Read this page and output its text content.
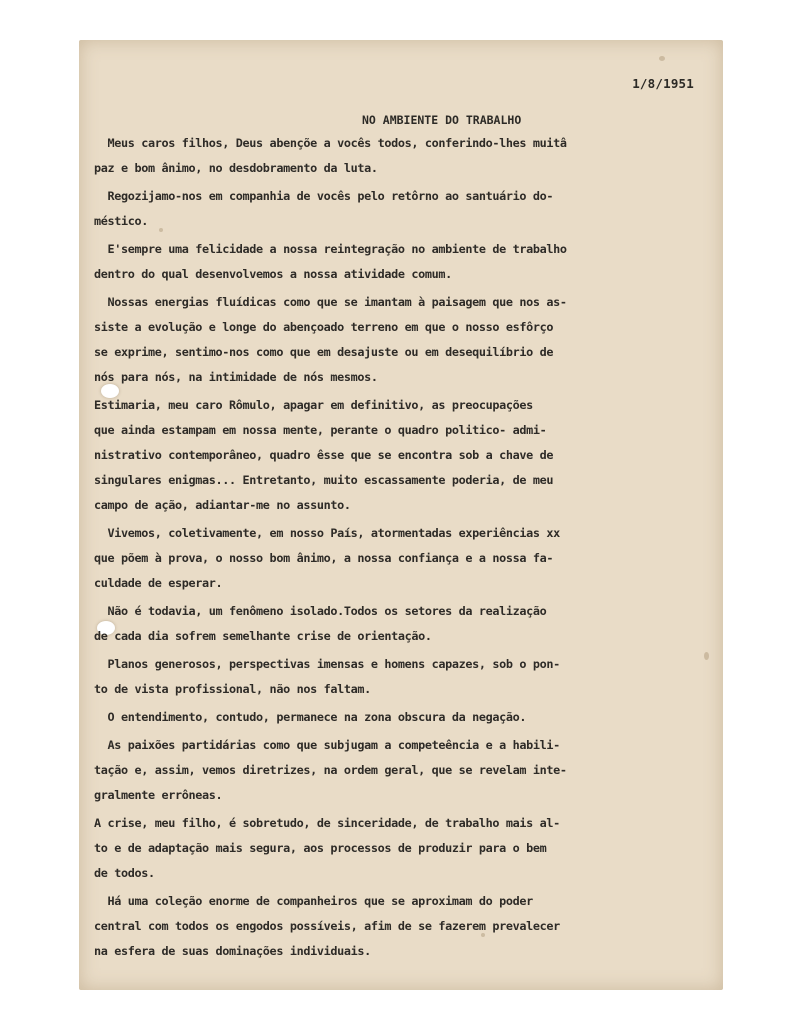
1/8/1951
NO AMBIENTE DO TRABALHO
Meus caros filhos, Deus abençõe a vocês todos, conferindo-lhes muitâ
paz e bom ânimo, no desdobramento da luta.
Regozijamo-nos em companhia de vocês pelo retôrno ao santuário do-
méstico.
E'sempre uma felicidade a nossa reintegração no ambiente de trabalho
dentro do qual desenvolvemos a nossa atividade comum.
Nossas energias fluídicas como que se imantam à paisagem que nos as-
siste a evolução e longe do abençoado terreno em que o nosso esfôrço
se exprime, sentimo-nos como que em desajuste ou em desequilíbrio de
nós para nós, na intimidade de nós mesmos.
Estimaria, meu caro Rômulo, apagar em definitivo, as preocupações
que ainda estampam em nossa mente, perante o quadro politico- admi-
nistrativo contemporâneo, quadro êsse que se encontra sob a chave de
singulares enigmas... Entretanto, muito escassamente poderia, de meu
campo de ação, adiantar-me no assunto.
Vivemos, coletivamente, em nosso País, atormentadas experiências xx
que põem à prova, o nosso bom ânimo, a nossa confiança e a nossa fa-
culdade de esperar.
Não é todavia, um fenômeno isolado.Todos os setores da realização
de cada dia sofrem semelhante crise de orientação.
Planos generosos, perspectivas imensas e homens capazes, sob o pon-
to de vista profissional, não nos faltam.
O entendimento, contudo, permanece na zona obscura da negação.
As paixões partidárias como que subjugam a competeência e a habili-
tação e, assim, vemos diretrizes, na ordem geral, que se revelam inte-
gralmente errôneas.
A crise, meu filho, é sobretudo, de sinceridade, de trabalho mais al-
to e de adaptação mais segura, aos processos de produzir para o bem
de todos.
Há uma coleção enorme de companheiros que se aproximam do poder
central com todos os engodos possíveis, afim de se fazerem prevalecer
na esfera de suas dominações individuais.
